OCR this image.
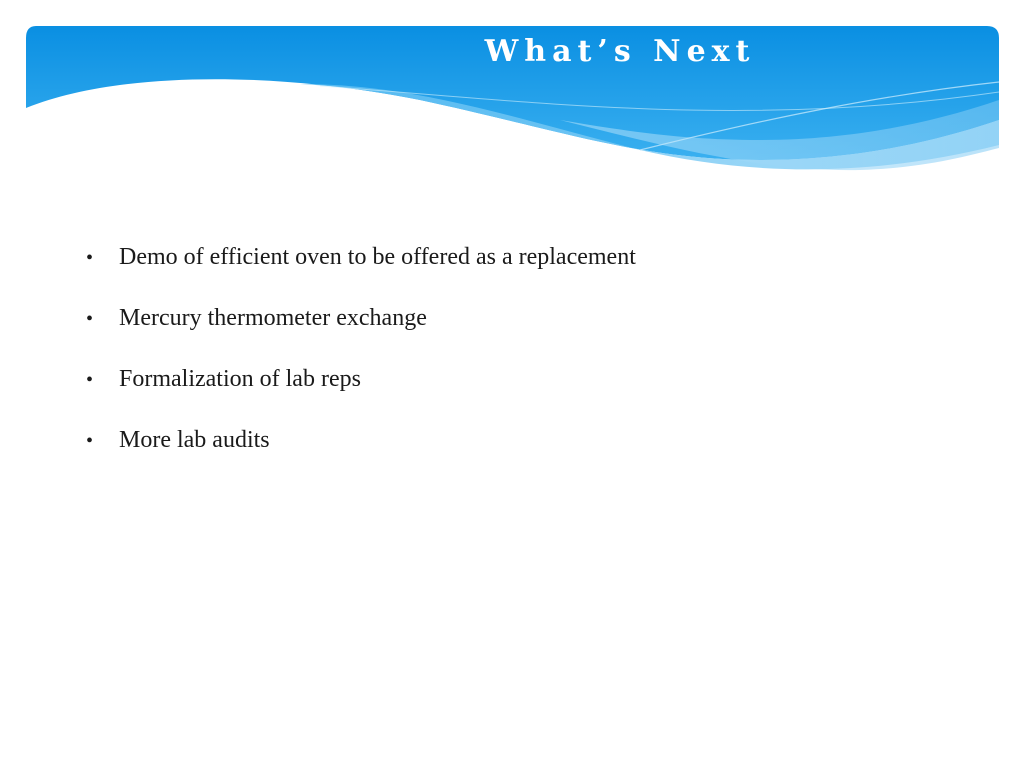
What’s Next
•	Demo of efficient oven to be offered as a replacement
•	Mercury thermometer exchange
•	Formalization of lab reps
•	More lab audits
